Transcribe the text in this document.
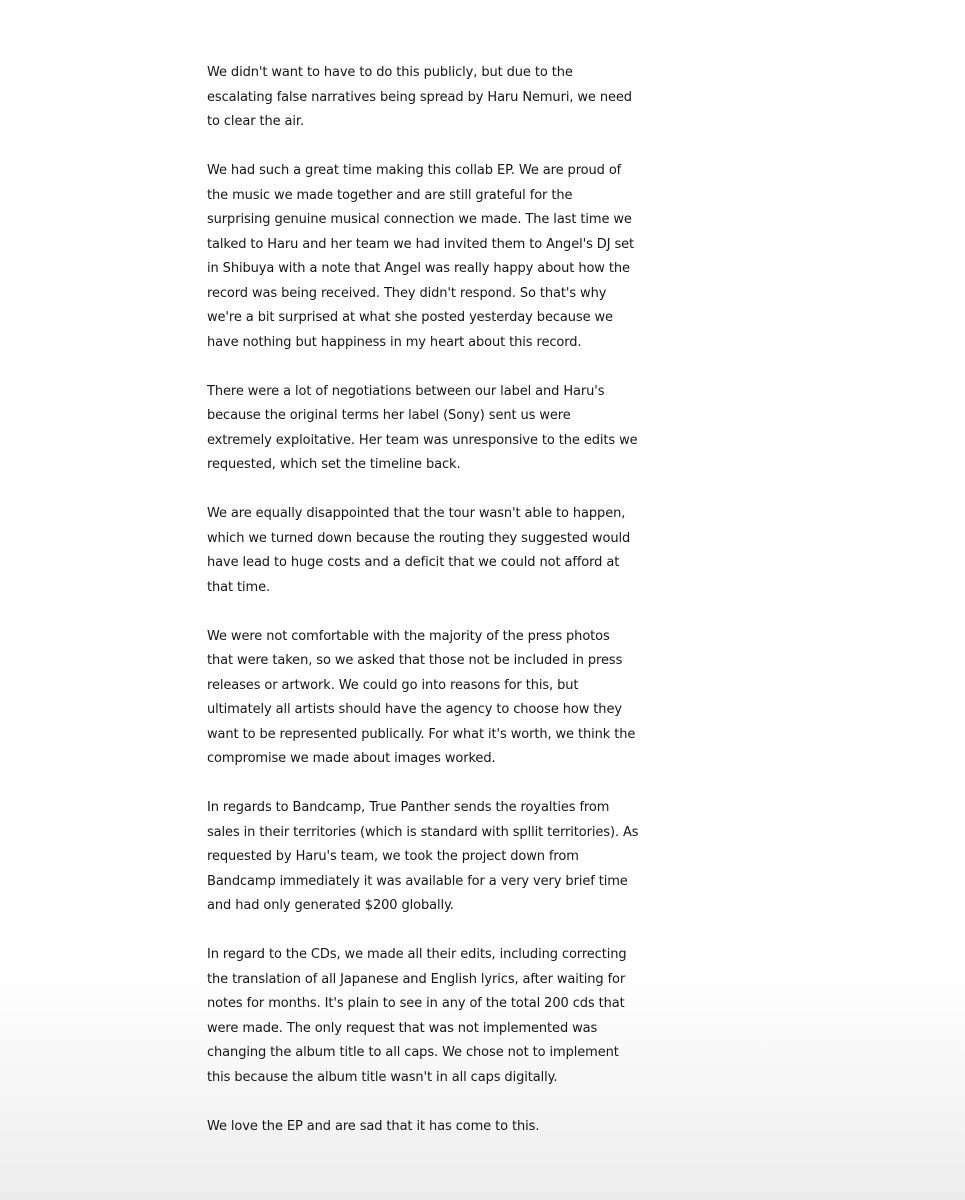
We didn't want to have to do this publicly, but due to the
escalating false narratives being spread by Haru Nemuri, we need
to clear the air.

We had such a great time making this collab EP. We are proud of
the music we made together and are still grateful for the
surprising genuine musical connection we made. The last time we
talked to Haru and her team we had invited them to Angel's DJ set
in Shibuya with a note that Angel was really happy about how the
record was being received. They didn't respond. So that's why
we're a bit surprised at what she posted yesterday because we
have nothing but happiness in my heart about this record.

There were a lot of negotiations between our label and Haru's
because the original terms her label (Sony) sent us were
extremely exploitative. Her team was unresponsive to the edits we
requested, which set the timeline back.

We are equally disappointed that the tour wasn't able to happen,
which we turned down because the routing they suggested would
have lead to huge costs and a deficit that we could not afford at
that time.

We were not comfortable with the majority of the press photos
that were taken, so we asked that those not be included in press
releases or artwork. We could go into reasons for this, but
ultimately all artists should have the agency to choose how they
want to be represented publically. For what it's worth, we think the
compromise we made about images worked.

In regards to Bandcamp, True Panther sends the royalties from
sales in their territories (which is standard with spllit territories). As
requested by Haru's team, we took the project down from
Bandcamp immediately it was available for a very very brief time
and had only generated $200 globally.

In regard to the CDs, we made all their edits, including correcting
the translation of all Japanese and English lyrics, after waiting for
notes for months. It's plain to see in any of the total 200 cds that
were made. The only request that was not implemented was
changing the album title to all caps. We chose not to implement
this because the album title wasn't in all caps digitally.

We love the EP and are sad that it has come to this.
